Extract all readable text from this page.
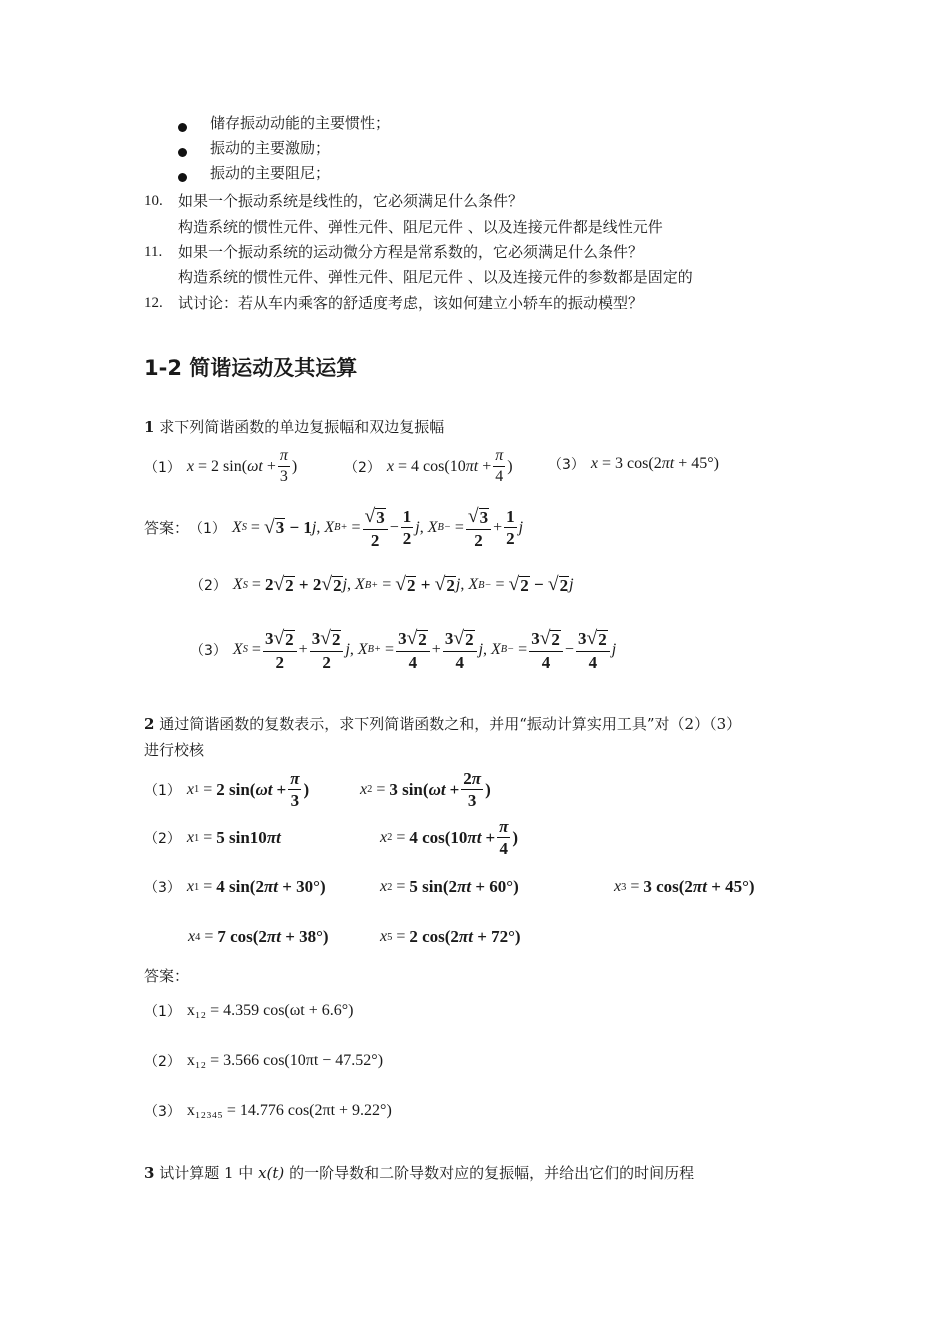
储存振动动能的主要惯性；
振动的主要激励；
振动的主要阻尼；
10. 如果一个振动系统是线性的，它必须满足什么条件？
构造系统的惯性元件、弹性元件、阻尼元件 、以及连接元件都是线性元件
11. 如果一个振动系统的运动微分方程是常系数的，它必须满足什么条件？
构造系统的惯性元件、弹性元件、阻尼元件 、以及连接元件的参数都是固定的
12. 试讨论：若从车内乘客的舒适度考虑，该如何建立小轿车的振动模型？
1-2 简谐运动及其运算
1 求下列简谐函数的单边复振幅和双边复振幅
（1） x = 2 sin( $\omega t + \frac{\pi}{3}$ )	（2） x = 4 cos(10 $\pi t + \frac{\pi}{4}$ )	（3） x = 3 cos(2 πt + 45°)
答案： （1） X S = √ 3 − 1 j , X $B+ = \frac{√ 3}{2} - \frac{1}{2}$ j , X $B- = \frac{√ 3}{2} + \frac{1}{2}$ j
（2） X S = 2 √ 2 + 2 √ 2 j , X B+ = √ 2 + √ 2 j , X B− = √ 2 − √ 2 j
（3） X $S = \frac{3 √ 2}{2} + \frac{3 √ 2}{2}$ j , X $B+ = \frac{3 √ 2}{4} + \frac{3 √ 2}{4}$ j , X $B- = \frac{3 √ 2}{4} - \frac{3 √ 2}{4}$ j
2 通过简谐函数的复数表示，求下列简谐函数之和，并用“振动计算实用工具”对（2）（3）
进行校核
（1） x 1 = 2 sin( ωt
+ $\frac{\pi}{3}$ )	x 2 = 3 sin( ωt
+ $\frac{2\pi}{3}$ )
（2） x 1 = 5 sin10 πt	x 2 = 4 cos(10 πt
+ $\frac{\pi}{4}$ )
（3） x 1 = 4 sin(2 πt + 30°)	x 2 = 5 sin(2 πt + 60°)	x 3 = 3 cos(2 πt + 45°)
x 4 = 7 cos(2 πt + 38°)	x 5 = 2 cos(2 πt + 72°)
答案：
（1） x₁₂ = 4.359 cos(ωt + 6.6°)
（2） x₁₂ = 3.566 cos(10πt − 47.52°)
（3） x₁₂₃₄₅ = 14.776 cos(2πt + 9.22°)
3 试计算题 1 中 x(t) 的一阶导数和二阶导数对应的复振幅，并给出它们的时间历程
